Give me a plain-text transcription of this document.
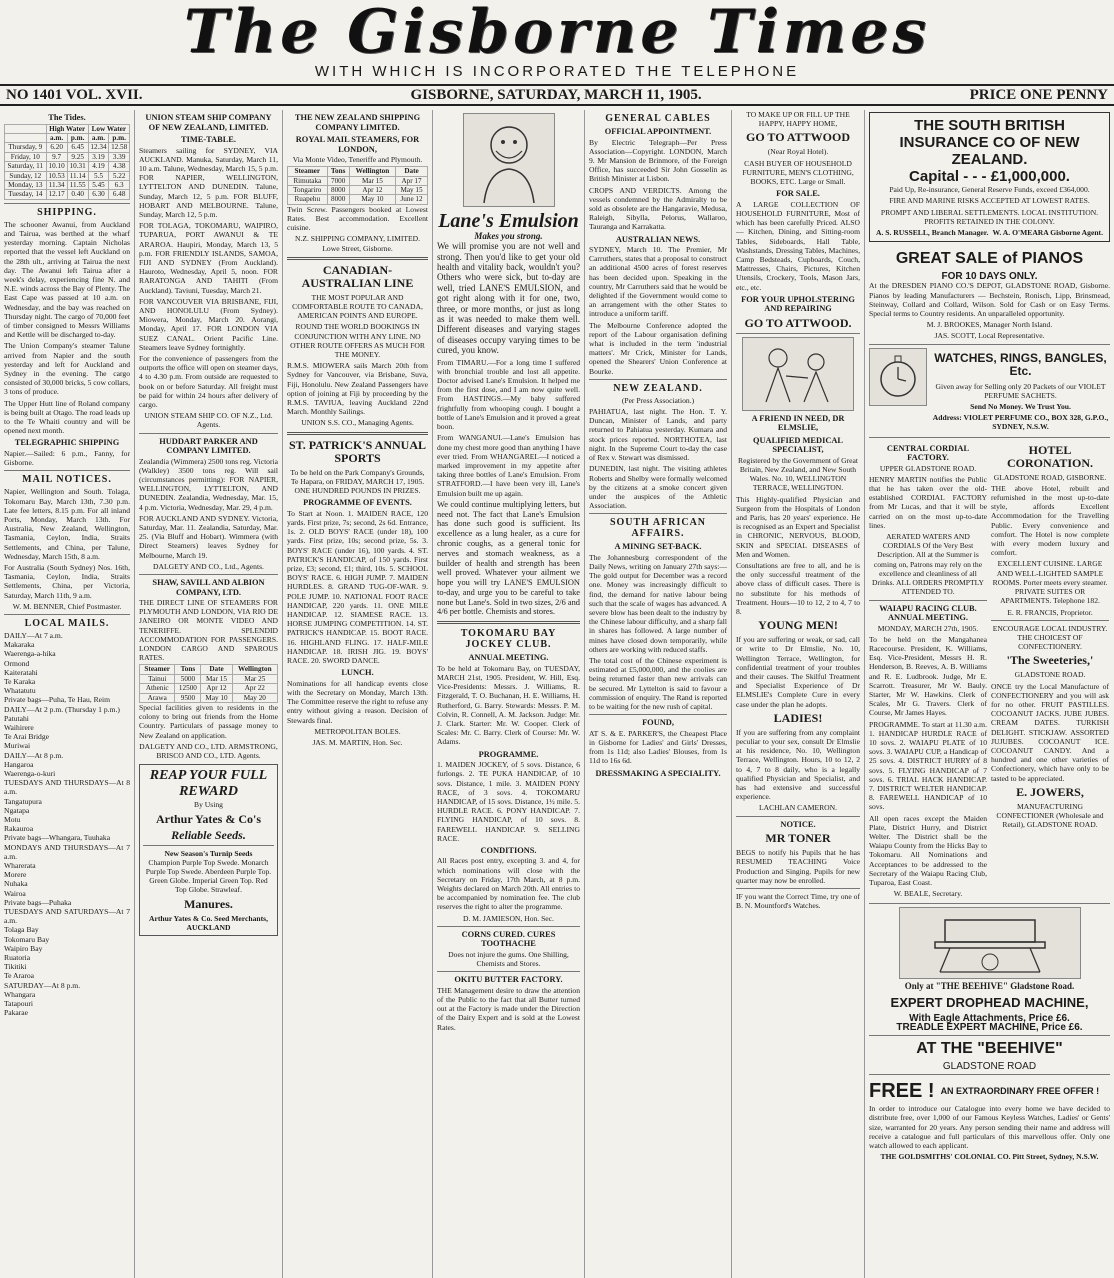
The Gisborne Times
WITH WHICH IS INCORPORATED THE TELEPHONE
NO 1401 VOL. XVII.	GISBORNE, SATURDAY, MARCH 11, 1905.	PRICE ONE PENNY
The Tides.
	High Water		Low Water	
	a.m.	p.m.	a.m.	p.m.
Thursday, 9	6.20	6.45	12.34	12.58
Friday, 10	9.7	9.25	3.19	3.39
Saturday, 11	10.10	10.31	4.19	4.38
Sunday, 12	10.53	11.14	5.5	5.22
Monday, 13	11.34	11.55	5.45	6.3
Tuesday, 14	12.17	0.40	6.30	6.48
SHIPPING.

The schooner Awanui, from Auckland and Tairua, was berthed at the wharf yesterday morning. Captain Nicholas reported that the vessel left Auckland on the 28th ult., arriving at Tairua the next day. The Awanui left Tairua after a week's delay, experiencing fine N. and N.E. winds across the Bay of Plenty. The East Cape was passed at 10 a.m. on Wednesday, and the bay was reached on Thursday night. The cargo of 70,000 feet of timber consigned to Messrs Williams and Kettle will be discharged to-day.

The Union Company's steamer Talune arrived from Napier and the south yesterday and left for Auckland and Sydney in the evening. The cargo consisted of 30,000 bricks, 5 cow collars, 3 tons of produce.

The Upper Hutt line of Roland company is being built at Otago. The road leads up to the Te Whaiti country and will be opened next month.

TELEGRAPHIC SHIPPING

Napier.—Sailed: 6 p.m., Fanny, for Gisborne.

MAIL NOTICES.

Napier, Wellington and South. Tolaga, Tokomaru Bay, March 13th, 7.30 p.m. Late fee letters, 8.15 p.m. For all inland Ports, Monday, March 13th. For Australia, New Zealand, Wellington, Tasmania, Ceylon, India, Straits Settlements, and China, per Talune, Wednesday, March 15th, 8 a.m.

For Australia (South Sydney) Nos. 16th, Tasmania, Ceylon, India, Straits Settlements, China, per Victoria, Saturday, March 11th, 9 a.m.

W. M. BENNER, Chief Postmaster.

LOCAL MAILS.
DAILY—At 7 a.m.
Makaraka
Waerenga-a-hika
Ormond
Kaiteratahi
Te Karaka
Whatatutu
Private bags—Puha, Te Hau, Reim
DAILY—At 2 p.m. (Thursday 1 p.m.)
Patutahi
Waihirere
Te Arai Bridge
Muriwai
DAILY—At 8 p.m.
Hangaroa
Waerenga-o-kuri
TUESDAYS AND THURSDAYS—At 8 a.m.
Tangatupura
Ngatapa
Motu
Rakauroa
Private bags—Whangara, Tuuhaka
MONDAYS AND THURSDAYS—At 7 a.m.
Wharerata
Morere
Nuhaka
Wairoa
Private bags—Puhaka
TUESDAYS AND SATURDAYS—At 7 a.m.
Tolaga Bay
Tokomaru Bay
Waipiro Bay
Ruatoria
Tikitiki
Te Araroa
SATURDAY—At 8 p.m.
Whangara
Tatapouri
Pakarae
UNION STEAM SHIP COMPANY OF NEW ZEALAND, LIMITED.
TIME-TABLE.

Steamers sailing for SYDNEY, VIA AUCKLAND. Manuka, Saturday, March 11, 10 a.m. Talune, Wednesday, March 15, 5 p.m. FOR NAPIER, WELLINGTON, LYTTELTON AND DUNEDIN. Talune, Sunday, March 12, 5 p.m. FOR BLUFF, HOBART AND MELBOURNE. Talune, Sunday, March 12, 5 p.m.

FOR TOLAGA, TOKOMARU, WAIPIRO, TUPARUA, PORT AWANUI & TE ARAROA. Haupiri, Monday, March 13, 5 p.m. FOR FRIENDLY ISLANDS, SAMOA, FIJI AND SYDNEY (From Auckland). Hauroto, Wednesday, April 5, noon. FOR RARATONGA AND TAHITI (From Auckland). Taviuni, Tuesday, March 21.

FOR VANCOUVER VIA BRISBANE, FIJI, AND HONOLULU (From Sydney). Miowera, Monday, March 20. Aorangi, Monday, April 17. FOR LONDON VIA SUEZ CANAL. Orient Pacific Line. Steamers leave Sydney fortnightly.

For the convenience of passengers from the outports the office will open on steamer days, 4 to 4.30 p.m. From outside are requested to book on or before Saturday. All freight must be paid for within 24 hours after delivery of cargo.

UNION STEAM SHIP CO. OF N.Z., Ltd. Agents.

HUDDART PARKER AND COMPANY LIMITED.

Zealandia (Wimmera) 2500 tons reg. Victoria (Walkley) 3500 tons reg. Will sail (circumstances permitting): FOR NAPIER, WELLINGTON, LYTTELTON, AND DUNEDIN. Zealandia, Wednesday, Mar. 15, 4 p.m. Victoria, Wednesday, Mar. 29, 4 p.m.

FOR AUCKLAND AND SYDNEY. Victoria, Saturday, Mar. 11. Zealandia, Saturday, Mar. 25. (Via Bluff and Hobart). Wimmera (with Direct Steamers) leaves Sydney for Melbourne, March 19.

DALGETY AND CO., Ltd., Agents.

SHAW, SAVILL AND ALBION COMPANY, LTD.

THE DIRECT LINE OF STEAMERS FOR PLYMOUTH AND LONDON, VIA RIO DE JANEIRO OR MONTE VIDEO AND TENERIFFE. SPLENDID ACCOMMODATION FOR PASSENGERS. LONDON CARGO AND SPAROUS RATES.

Steamer	Tons	Date	Wellington
Tainui	5000	Mar 15	Mar 25
Athenic	12500	Apr 12	Apr 22
Arawa	9500	May 10	May 20

Special facilities given to residents in the colony to bring out friends from the Home Country. Particulars of passage money to New Zealand on application.

DALGETY AND CO., LTD. ARMSTRONG, BRISCO AND CO., LTD. Agents.

REAP YOUR FULL REWARD
By Using
Arthur Yates & Co's
Reliable Seeds.
New Season's Turnip Seeds

Champion Purple Top Swede. Monarch Purple Top Swede. Aberdeen Purple Top. Green Globe. Imperial Green Top. Red Top Globe. Strawleaf.

Manures.
Arthur Yates & Co. Seed Merchants, AUCKLAND
THE NEW ZEALAND SHIPPING COMPANY LIMITED.
ROYAL MAIL STEAMERS, FOR LONDON,

Via Monte Video, Teneriffe and Plymouth.

Steamer	Tons	Wellington	Date
Rimutaka	7000	Mar 15	Apr 17
Tongariro	8000	Apr 12	May 15
Ruapehu	8000	May 10	June 12

Twin Screw. Passengers booked at Lowest Rates. Best accommodation. Excellent cuisine.

N.Z. SHIPPING COMPANY, LIMITED. Lowe Street, Gisborne.

CANADIAN-AUSTRALIAN LINE

THE MOST POPULAR AND COMFORTABLE ROUTE TO CANADA, AMERICAN POINTS AND EUROPE.

ROUND THE WORLD BOOKINGS IN CONJUNCTION WITH ANY LINE. NO OTHER ROUTE OFFERS AS MUCH FOR THE MONEY.

R.M.S. MIOWERA sails March 20th from Sydney for Vancouver, via Brisbane, Suva, Fiji, Honolulu. New Zealand Passengers have option of joining at Fiji by proceeding by the R.M.S. TAVIUA, leaving Auckland 22nd March. Monthly Sailings.

UNION S.S. CO., Managing Agents.

ST. PATRICK'S ANNUAL SPORTS

To be held on the Park Company's Grounds, Te Hapara, on FRIDAY, MARCH 17, 1905. ONE HUNDRED POUNDS IN PRIZES.

PROGRAMME OF EVENTS.

To Start at Noon. 1. MAIDEN RACE, 120 yards. First prize, 7s; second, 2s 6d. Entrance, 1s. 2. OLD BOYS' RACE (under 18), 100 yards. First prize, 10s; second prize, 5s. 3. BOYS' RACE (under 16), 100 yards. 4. ST. PATRICK'S HANDICAP, of 150 yards. First prize, £3; second, £1; third, 10s. 5. SCHOOL BOYS' RACE. 6. HIGH JUMP. 7. MAIDEN HURDLES. 8. GRAND TUG-OF-WAR. 9. POLE JUMP. 10. NATIONAL FOOT RACE HANDICAP, 220 yards. 11. ONE MILE HANDICAP. 12. SIAMESE RACE. 13. HORSE JUMPING COMPETITION. 14. ST. PATRICK'S HANDICAP. 15. BOOT RACE. 16. HIGHLAND FLING. 17. HALF-MILE HANDICAP. 18. IRISH JIG. 19. BOYS' RACE. 20. SWORD DANCE.

LUNCH.

Nominations for all handicap events close with the Secretary on Monday, March 13th. The Committee reserve the right to refuse any entry without giving a reason. Decision of Stewards final.

METROPOLITAN BOLES.

JAS. M. MARTIN, Hon. Sec.

Lane's Emulsion
Makes you strong.

We will promise you are not well and strong. Then you'd like to get your old health and vitality back, wouldn't you? Others who were sick, but to-day are well, tried LANE'S EMULSION, and got right along with it for one, two, three, or more months, or just as long as it was needed to make them well. Different diseases and varying stages of diseases occupy varying times to be cured, you know.

From TIMARU.—For a long time I suffered with bronchial trouble and lost all appetite. Doctor advised Lane's Emulsion. It helped me from the first dose, and I am now quite well. From HASTINGS.—My baby suffered frightfully from whooping cough. I bought a bottle of Lane's Emulsion and it proved a great boon.

From WANGANUI.—Lane's Emulsion has done my chest more good than anything I have ever tried. From WHANGAREI.—I noticed a marked improvement in my appetite after taking three bottles of Lane's Emulsion. From STRATFORD.—I have been very ill, Lane's Emulsion built me up again.

We could continue multiplying letters, but need not. The fact that Lane's Emulsion has done such good is sufficient. Its excellence as a lung healer, as a cure for chronic coughs, as a general tonic for nerves and stomach weakness, as a builder of health and strength has been well proved. Whatever your ailment we hope you will try LANE'S EMULSION to-day, and urge you to be careful to take none but Lane's. Sold in two sizes, 2/6 and 4/6 per bottle. Chemists and stores.

TOKOMARU BAY JOCKEY CLUB.
ANNUAL MEETING.

To be held at Tokomaru Bay, on TUESDAY, MARCH 21st, 1905. President, W. Hill, Esq. Vice-Presidents: Messrs. J. Williams, R. Fitzgerald, T. O. Buchanan, H. E. Williams, H. Rutherford, G. Barry. Stewards: Messrs. P. M. Colvin, R. Connell, A. M. Jackson. Judge: Mr. J. Clark. Starter: Mr. W. Cooper. Clerk of Scales: Mr. C. Barry. Clerk of Course: Mr. W. Adams.

PROGRAMME.

1. MAIDEN JOCKEY, of 5 sovs. Distance, 6 furlongs. 2. TE PUKA HANDICAP, of 10 sovs. Distance, 1 mile. 3. MAIDEN PONY RACE, of 3 sovs. 4. TOKOMARU HANDICAP, of 15 sovs. Distance, 1½ mile. 5. HURDLE RACE. 6. PONY HANDICAP. 7. FLYING HANDICAP, of 10 sovs. 8. FAREWELL HANDICAP. 9. SELLING RACE.

CONDITIONS.

All Races post entry, excepting 3. and 4, for which nominations will close with the Secretary on Friday, 17th March, at 8 p.m. Weights declared on March 20th. All entries to be accompanied by nomination fee. The club reserves the right to alter the programme.

D. M. JAMIESON, Hon. Sec.

CORNS CURED. CURES TOOTHACHE

Does not injure the gums. One Shilling, Chemists and Stores.

OKITU BUTTER FACTORY.

THE Management desire to draw the attention of the Public to the fact that all Butter turned out at the Factory is made under the Direction of the Dairy Expert and is sold at the Lowest Rates.

GENERAL CABLES
OFFICIAL APPOINTMENT.

By Electric Telegraph—Per Press Association—Copyright. LONDON, March 9. Mr Mansion de Brinmore, of the Foreign Office, has succeeded Sir John Gosselin as British Minister at Lisbon.

CROPS AND VERDICTS. Among the vessels condemned by the Admiralty to be sold as obsolete are the Hangaravie, Medusa, Raleigh, Sibylla, Pelorus, Wallaroo, Tauranga and Karrakatta.

AUSTRALIAN NEWS.

SYDNEY, March 10. The Premier, Mr Carruthers, states that a proposal to construct an additional 4500 acres of forest reserves has been decided upon. Speaking in the country, Mr Carruthers said that he would be delighted if the Government would come to an arrangement with the other States to introduce a uniform tariff.

The Melbourne Conference adopted the report of the Labour organisation defining what is included in the term 'industrial matters'. Mr Crick, Minister for Lands, opened the Shearers' Union Conference at Bourke.

NEW ZEALAND.

(Per Press Association.)

PAHIATUA, last night. The Hon. T. Y. Duncan, Minister of Lands, and party returned to Pahiatua yesterday. Kumara and stock prices reported. NORTHOTEA, last night. In the Supreme Court to-day the case of Rex v. Stewart was dismissed.

DUNEDIN, last night. The visiting athletes Roberts and Shelby were formally welcomed by the citizens at a smoke concert given under the auspices of the Athletic Association.

SOUTH AFRICAN AFFAIRS.
A MINING SET-BACK.

The Johannesburg correspondent of the Daily News, writing on January 27th says:—The gold output for December was a record one. Money was increasingly difficult to find, the demand for native labour being such that the scale of wages has advanced. A severe blow has been dealt to the industry by the Chinese labour difficulty, and a sharp fall in shares has followed. A large number of mines have closed down temporarily, while others are working with reduced staffs.

The total cost of the Chinese experiment is estimated at £5,000,000, and the coolies are being returned faster than new arrivals can be secured. Mr Lyttelton is said to favour a commission of enquiry. The Rand is reported to be waiting for the new rush of capital.

FOUND,

AT S. & E. PARKER'S, the Cheapest Place in Gisborne for Ladies' and Girls' Dresses, from 1s 11d; also Ladies' Blouses, from 1s 11d to 16s 6d.

DRESSMAKING A SPECIALITY.

TO MAKE UP OR FILL UP THE HAPPY, HAPPY HOME,

GO TO ATTWOOD

(Near Royal Hotel).

CASH BUYER OF HOUSEHOLD FURNITURE, MEN'S CLOTHING, BOOKS, ETC. Large or Small.

FOR SALE.

A LARGE COLLECTION OF HOUSEHOLD FURNITURE, Most of which has been carefully Priced. ALSO— Kitchen, Dining, and Sitting-room Tables, Sideboards, Hall Table, Washstands, Dressing Tables, Machines, Camp Bedsteads, Cupboards, Couch, Mattresses, Chairs, Pictures, Kitchen Utensils, Crockery, Tools, Mason Jars, etc., etc.

FOR YOUR UPHOLSTERING AND REPAIRING
GO TO ATTWOOD.
A FRIEND IN NEED, DR ELMSLIE,
QUALIFIED MEDICAL SPECIALIST,

Registered by the Government of Great Britain, New Zealand, and New South Wales. No. 10, WELLINGTON TERRACE, WELLINGTON.

This Highly-qualified Physician and Surgeon from the Hospitals of London and Paris, has 20 years' experience. He is recognised as an Expert and Specialist in CHRONIC, NERVOUS, BLOOD, SKIN and SPECIAL DISEASES of Men and Women.

Consultations are free to all, and he is the only successful treatment of the above class of difficult cases. There is no substitute for his methods of Treatment. Hours—10 to 12, 2 to 4, 7 to 8.

YOUNG MEN!

If you are suffering or weak, or sad, call or write to Dr Elmslie, No. 10, Wellington Terrace, Wellington, for confidential treatment of your troubles and their causes. The Skilful Treatment and Specialist Experience of Dr ELMSLIE's Complete Cure in every case under the plan he adopts.

LADIES!

If you are suffering from any complaint peculiar to your sex, consult Dr Elmslie at his residence, No. 10, Wellington Terrace, Wellington. Hours, 10 to 12, 2 to 4, 7 to 8 daily, who is a legally qualified Physician and Specialist, and has had extensive and successful experience.

LACHLAN CAMERON.

NOTICE.
MR TONER

BEGS to notify his Pupils that he has RESUMED TEACHING Voice Production and Singing. Pupils for new quarter may now be enrolled.

IF you want the Correct Time, try one of B. N. Mountford's Watches.

THE SOUTH BRITISH INSURANCE CO OF NEW ZEALAND.
Capital - - - £1,000,000.

Paid Up, Re-insurance, General Reserve Funds, exceed £364,000.

FIRE AND MARINE RISKS ACCEPTED AT LOWEST RATES.

PROMPT AND LIBERAL SETTLEMENTS. LOCAL INSTITUTION. PROFITS RETAINED IN THE COLONY.

A. S. RUSSELL, Branch Manager. W. A. O'MEARA Gisborne Agent.
GREAT SALE of PIANOS
FOR 10 DAYS ONLY.

At the DRESDEN PIANO CO.'S DEPOT, GLADSTONE ROAD, Gisborne. Pianos by leading Manufacturers — Bechstein, Ronisch, Lipp, Brinsmead, Steinway, Collard and Collard, Wilson. Sold for Cash or on Easy Terms. Special terms to Country residents. An unparalleled opportunity.

M. J. BROOKES, Manager North Island.

JAS. SCOTT, Local Representative.

WATCHES, RINGS, BANGLES, Etc.

Given away for Selling only 20 Packets of our VIOLET PERFUME SACHETS.

Send No Money. We Trust You.

Address: VIOLET PERFUME CO., BOX 328, G.P.O., SYDNEY, N.S.W.

CENTRAL CORDIAL FACTORY.

UPPER GLADSTONE ROAD.

HENRY MARTIN notifies the Public that he has taken over the old-established CORDIAL FACTORY from Mr Lucas, and that it will be carried on on the most up-to-date lines.

AERATED WATERS AND CORDIALS Of the Very Best Description. All at the Summer is coming on, Patrons may rely on the excellence and cleanliness of all Drinks. ALL ORDERS PROMPTLY ATTENDED TO.

WAIAPU RACING CLUB. ANNUAL MEETING.

MONDAY, MARCH 27th, 1905.

To be held on the Mangahanea Racecourse. President, K. Williams, Esq. Vice-President, Messrs H. R. Henderson, B. Reeves, A. B. Williams and R. E. Ludbrook. Judge, Mr E. Scarrott. Treasurer, Mr W. Bauly. Starter, Mr W. Hawkins. Clerk of Scales, Mr G. Travers. Clerk of Course, Mr James Hayes.

PROGRAMME. To start at 11.30 a.m. 1. HANDICAP HURDLE RACE of 10 sovs. 2. WAIAPU PLATE of 10 sovs. 3. WAIAPU CUP, a Handicap of 25 sovs. 4. DISTRICT HURRY of 8 sovs. 5. FLYING HANDICAP of 7 sovs. 6. TRIAL HACK HANDICAP. 7. DISTRICT WELTER HANDICAP. 8. FAREWELL HANDICAP of 10 sovs.

All open races except the Maiden Plate, District Hurry, and District Welter. The District shall be the Waiapu County from the Hicks Bay to Tokomaru. All Nominations and Acceptances to be addressed to the Secretary of the Waiapu Racing Club, Tuparoa, East Coast.

W. BEALE, Secretary.

HOTEL CORONATION.

GLADSTONE ROAD, GISBORNE.

THE above Hotel, rebuilt and refurnished in the most up-to-date style, affords Excellent Accommodation for the Travelling Public. Every convenience and comfort. The Hotel is now complete with every modern luxury and comfort.

EXCELLENT CUISINE. LARGE AND WELL-LIGHTED SAMPLE ROOMS. Porter meets every steamer. PRIVATE SUITES OR APARTMENTS. Telephone 182.

E. R. FRANCIS, Proprietor.

ENCOURAGE LOCAL INDUSTRY. THE CHOICEST OF CONFECTIONERY.

'The Sweeteries,'

GLADSTONE ROAD.

ONCE try the Local Manufacture of CONFECTIONERY and you will ask for no other. FRUIT PASTILLES. COCOANUT JACKS. JUBE JUBES. CREAM DATES. TURKISH DELIGHT. STICKJAW. ASSORTED JUJUBES. COCOANUT ICE. COCOANUT CANDY. And a hundred and one other varieties of Confectionery, which have only to be tasted to be appreciated.

E. JOWERS,

MANUFACTURING CONFECTIONER (Wholesale and Retail), GLADSTONE ROAD.

Only at "THE BEEHIVE" Gladstone Road.
EXPERT DROPHEAD MACHINE,
With Eagle Attachments, Price £6.
TREADLE EXPERT MACHINE, Price £6.
AT THE "BEEHIVE"
GLADSTONE ROAD
FREE ! AN EXTRAORDINARY FREE OFFER !

In order to introduce our Catalogue into every home we have decided to distribute free, over 1,000 of our Famous Keyless Watches, Ladies' or Gents' size, warranted for 20 years. Any person sending their name and address will receive a catalogue and full particulars of this marvellous offer. Only one watch allowed to each applicant.

THE GOLDSMITHS' COLONIAL CO. Pitt Street, Sydney, N.S.W.
